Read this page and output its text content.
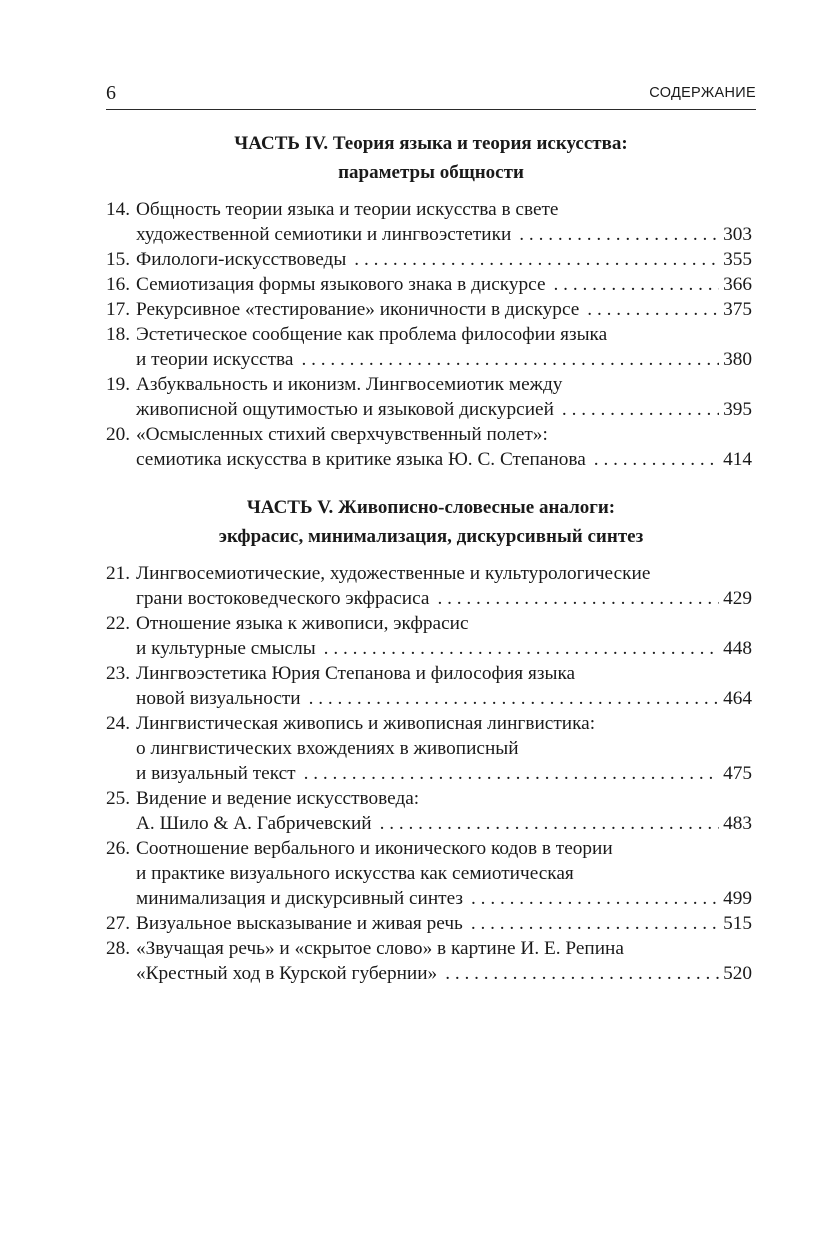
6	СОДЕРЖАНИЕ
ЧАСТЬ IV. Теория языка и теория искусства:
параметры общности
14. Общность теории языка и теории искусства в свете
художественной семиотики и лингвоэстетики . . .	303
15. Филологи-искусствоведы . . .	355
16. Семиотизация формы языкового знака в дискурсе . . .	366
17. Рекурсивное «тестирование» иконичности в дискурсе . . .	375
18. Эстетическое сообщение как проблема философии языка
и теории искусства . . .	380
19. Азбуквальность и иконизм. Лингвосемиотик между
живописной ощутимостью и языковой дискурсией . . .	395
20. «Осмысленных стихий сверхчувственный полет»:
семиотика искусства в критике языка Ю. С. Степанова . . .	414
ЧАСТЬ V. Живописно-словесные аналоги:
экфрасис, минимализация, дискурсивный синтез
21. Лингвосемиотические, художественные и культурологические
грани востоковедческого экфрасиса . . .	429
22. Отношение языка к живописи, экфрасис
и культурные смыслы . . .	448
23. Лингвоэстетика Юрия Степанова и философия языка
новой визуальности . . .	464
24. Лингвистическая живопись и живописная лингвистика:
о лингвистических вхождениях в живописный
и визуальный текст . . .	475
25. Видение и ведение искусствоведа:
А. Шило & А. Габричевский . . .	483
26. Соотношение вербального и иконического кодов в теории
и практике визуального искусства как семиотическая
минимализация и дискурсивный синтез . . .	499
27. Визуальное высказывание и живая речь . . .	515
28. «Звучащая речь» и «скрытое слово» в картине И. Е. Репина
«Крестный ход в Курской губернии» . . .	520
